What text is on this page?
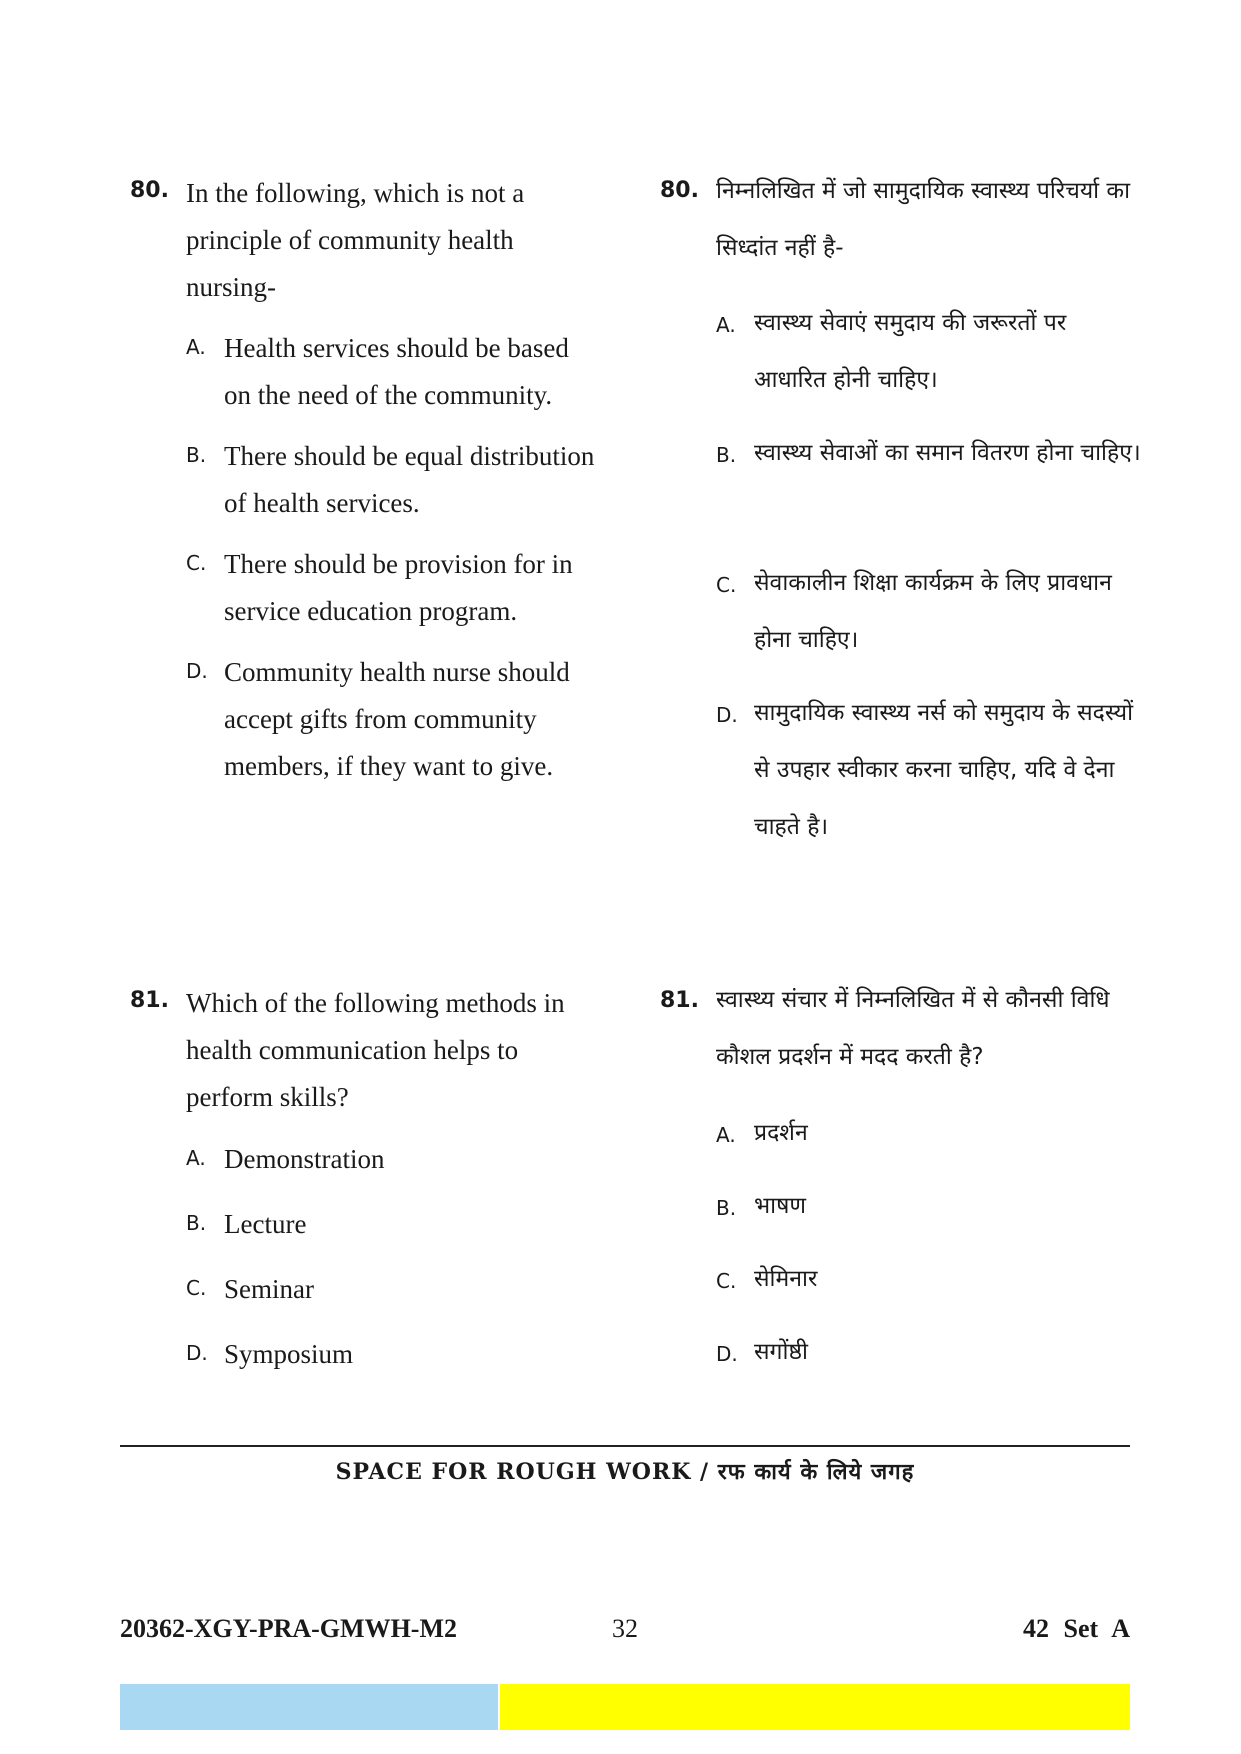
80. In the following, which is not a principle of community health nursing-
A. Health services should be based on the need of the community.
B. There should be equal distribution of health services.
C. There should be provision for in service education program.
D. Community health nurse should accept gifts from community members, if they want to give.
80. निम्नलिखित में जो सामुदायिक स्वास्थ्य परिचर्या का सिध्दांत नहीं है-
A. स्वास्थ्य सेवाएं समुदाय की जरूरतों पर आधारित होनी चाहिए।
B. स्वास्थ्य सेवाओं का समान वितरण होना चाहिए।
C. सेवाकालीन शिक्षा कार्यक्रम के लिए प्रावधान होना चाहिए।
D. सामुदायिक स्वास्थ्य नर्स को समुदाय के सदस्यों से उपहार स्वीकार करना चाहिए, यदि वे देना चाहते है।
81. Which of the following methods in health communication helps to perform skills?
A. Demonstration
B. Lecture
C. Seminar
D. Symposium
81. स्वास्थ्य संचार में निम्नलिखित में से कौनसी विधि कौशल प्रदर्शन में मदद करती है?
A. प्रदर्शन
B. भाषण
C. सेमिनार
D. सगोंष्ठी
SPACE FOR ROUGH WORK / रफ कार्य के लिये जगह
20362-XGY-PRA-GMWH-M2	32	42 Set A
